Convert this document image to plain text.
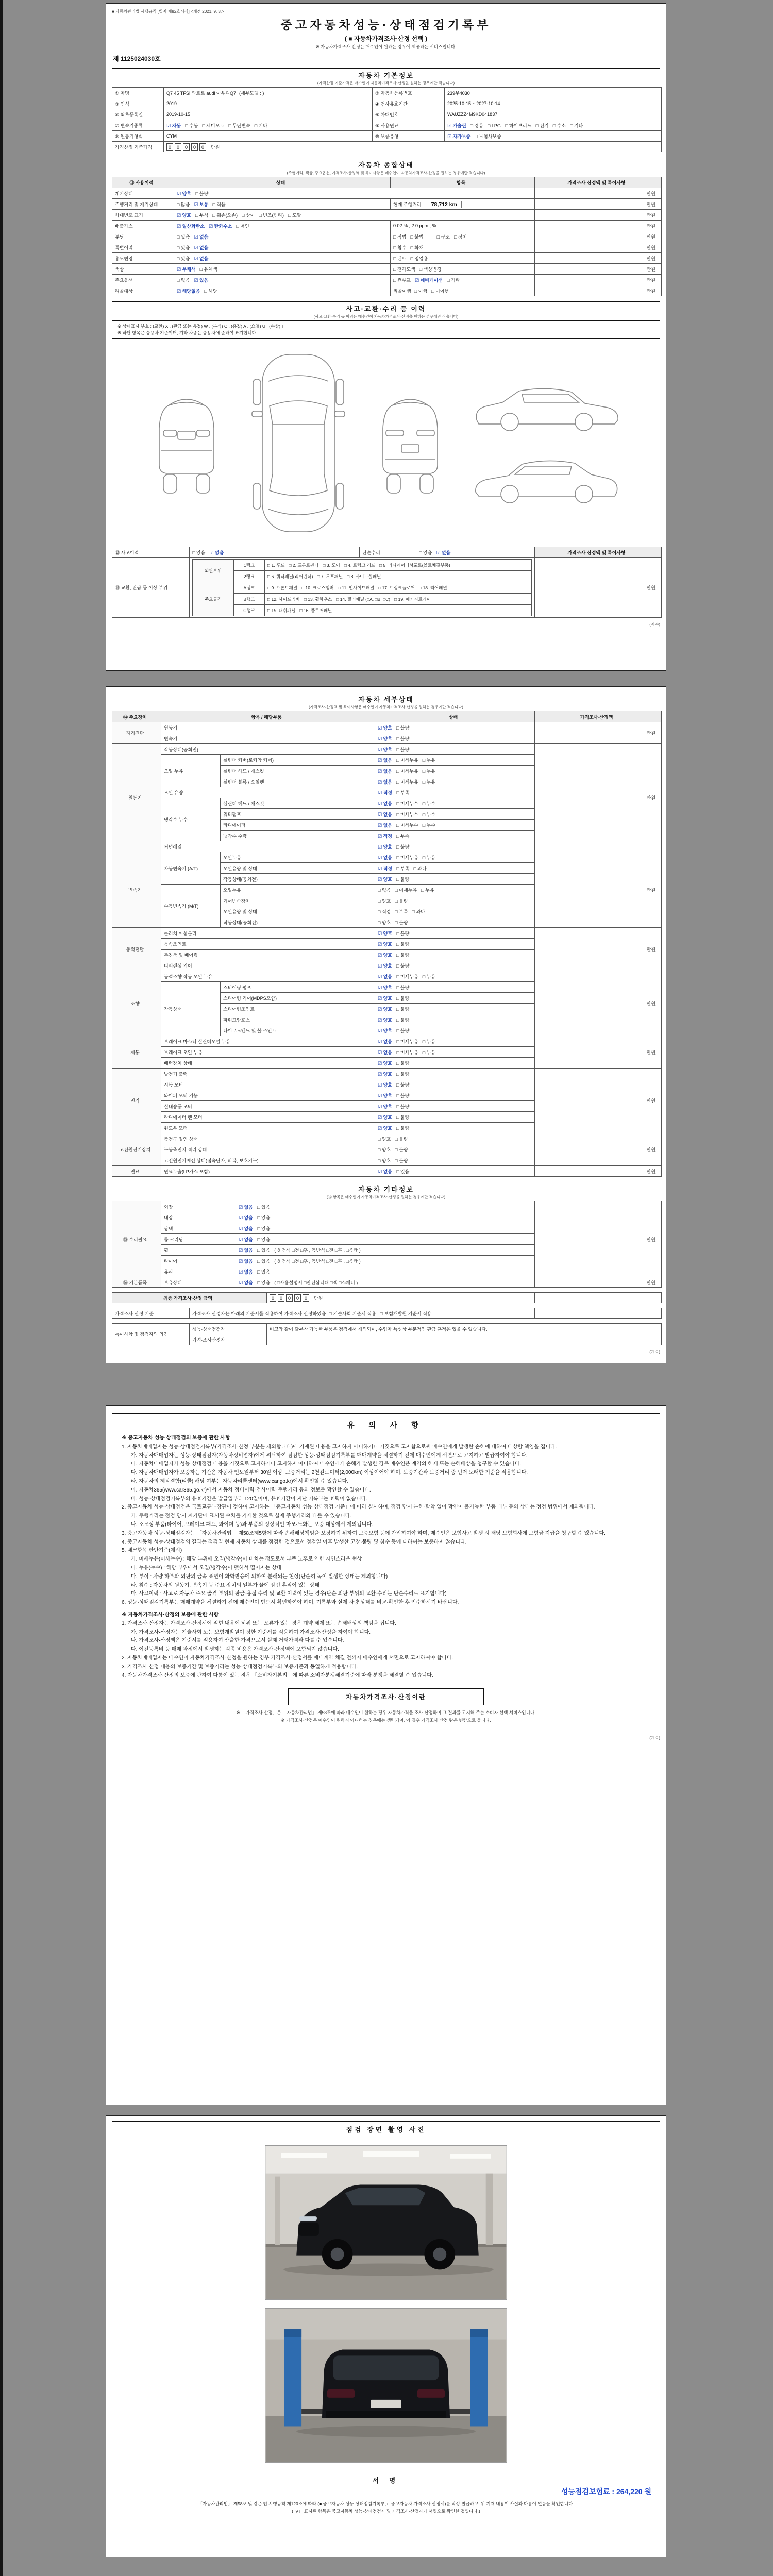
■ 자동차관리법 시행규칙 [별지 제82호서식] <개정 2021. 9. 3.>
중고자동차성능·상태점검기록부
( ■ 자동차가격조사·산정 선택 )
※ 자동차가격조사·산정은 매수인이 원하는 경우에 제공하는 서비스입니다.
제 1125024030호
자동차 기본정보
(가격산정 기준가격은 매수인이 자동차가격조사·산정을 원하는 경우에만 적습니다)
① 차명	Q7 45 TFSI 콰트로 audi 아우디Q7 (세부모델 : )	② 자동차등록번호	239무4030
③ 연식	2019	④ 검사유효기간	2025-10-15 ~ 2027-10-14
⑤ 최초등록일	2019-10-15	⑥ 차대번호	WAUZZZ4M9KD041837
⑦ 변속기종류	☑ 자동 □ 수동 □ 세미오토 □ 무단변속 □ 기타	⑧ 사용연료	☑ 가솔린 □ 경유 □ LPG □ 하이브리드 □ 전기 □ 수소 □ 기타
⑨ 원동기형식	CYM	⑩ 보증유형	☑ 자가보증 □ 보험사보증
가격산정 기준가격	0 0 0 0 0 만원		
자동차 종합상태
(주행거리, 색상, 주요옵션, 가격조사·산정액 및 특이사항은 매수인이 자동차가격조사·산정을 원하는 경우에만 적습니다)
⑪ 사용이력	상태	항목	가격조사·산정액 및 특이사항
계기상태	☑ 양호 □ 불량		만원
주행거리 및 계기상태	□ 많음 ☑ 보통 □ 적음	현재 주행거리 78,712 km	만원
차대번호 표기	☑ 양호 □ 부식 □ 훼손(오손) □ 상이 □ 변조(변타) □ 도말		만원
배출가스	☑ 일산화탄소 ☑ 탄화수소 □ 매연	0.02 % , 2.0 ppm , %	만원
튜닝	□ 있음 ☑ 없음	□ 적법 □ 불법 □ 구조 □ 장치	만원
특별이력	□ 있음 ☑ 없음	□ 침수 □ 화재	만원
용도변경	□ 있음 ☑ 없음	□ 렌트 □ 영업용	만원
색상	☑ 무채색 □ 유채색	□ 전체도색 □ 색상변경	만원
주요옵션	□ 없음 ☑ 있음	□ 썬루프 ☑ 네비게이션 □ 기타	만원
리콜대상	☑ 해당없음 □ 해당	리콜이행 □ 이행 □ 미이행	만원
사고·교환·수리 등 이력
(사고·교환·수리 등 이력은 매수인이 자동차가격조사·산정을 원하는 경우에만 적습니다)
※ 상태표시 부호 : (교환) X , (판금 또는 용접) W , (부식) C , (흠집) A , (요철) U , (손상) T
※ 하단 항목은 승용차 기준이며, 기타 차종은 승용차에 준하여 표기합니다.
⑫ 사고이력	□ 있음 ☑ 없음	단순수리	□ 있음 ☑ 없음	가격조사·산정액 및 특이사항
⑬ 교환, 판금 등 이상 부위	
외판부위	1랭크	□ 1. 후드 □ 2. 프론트펜더 □ 3. 도어 □ 4. 트렁크 리드 □ 5. 라디에이터서포트(볼트체결부품)
2랭크	□ 6. 쿼터패널(리어펜더) □ 7. 루프패널 □ 8. 사이드실패널
주요골격	A랭크	□ 9. 프론트패널 □ 10. 크로스멤버 □ 11. 인사이드패널 □ 17. 트렁크플로어 □ 18. 리어패널
B랭크	□ 12. 사이드멤버 □ 13. 휠하우스 □ 14. 필러패널 (□A, □B, □C) □ 19. 패키지트레이
C랭크	□ 15. 대쉬패널 □ 16. 플로어패널
	만원
(계속)
자동차 세부상태
(가격조사·산정액 및 특이사항은 매수인이 자동차가격조사·산정을 원하는 경우에만 적습니다)
⑭ 주요장치	항목 / 해당부품		상태	가격조사·산정액
자기진단	원동기		☑ 양호 □ 불량	만원
	변속기		☑ 양호 □ 불량	
원동기	작동상태(공회전)		☑ 양호 □ 불량	만원
	오일 누유	실린더 커버(로커암 커버)	☑ 없음 □ 미세누유 □ 누유	
		실린더 헤드 / 개스킷	☑ 없음 □ 미세누유 □ 누유	
		실린더 블록 / 오일팬	☑ 없음 □ 미세누유 □ 누유	
	오일 유량		☑ 적정 □ 부족	
	냉각수 누수	실린더 헤드 / 개스킷	☑ 없음 □ 미세누수 □ 누수	
		워터펌프	☑ 없음 □ 미세누수 □ 누수	
		라디에이터	☑ 없음 □ 미세누수 □ 누수	
		냉각수 수량	☑ 적정 □ 부족	
	커먼레일		☑ 양호 □ 불량	
변속기	자동변속기 (A/T)	오일누유	☑ 없음 □ 미세누유 □ 누유	만원
		오일유량 및 상태	☑ 적정 □ 부족 □ 과다	
		작동상태(공회전)	☑ 양호 □ 불량	
	수동변속기 (M/T)	오일누유	□ 없음 □ 미세누유 □ 누유	
		기어변속장치	□ 양호 □ 불량	
		오일유량 및 상태	□ 적정 □ 부족 □ 과다	
		작동상태(공회전)	□ 양호 □ 불량	
동력전달	클러치 어셈블리		☑ 양호 □ 불량	만원
	등속조인트		☑ 양호 □ 불량	
	추진축 및 베어링		☑ 양호 □ 불량	
	디퍼렌셜 기어		☑ 양호 □ 불량	
조향	동력조향 작동 오일 누유		☑ 없음 □ 미세누유 □ 누유	만원
	작동상태	스티어링 펌프	☑ 양호 □ 불량	
		스티어링 기어(MDPS포함)	☑ 양호 □ 불량	
		스티어링조인트	☑ 양호 □ 불량	
		파워고압호스	☑ 양호 □ 불량	
		타이로드엔드 및 볼 조인트	☑ 양호 □ 불량	
제동	브레이크 마스터 실린더오일 누유		☑ 없음 □ 미세누유 □ 누유	만원
	브레이크 오일 누유		☑ 없음 □ 미세누유 □ 누유	
	배력장치 상태		☑ 양호 □ 불량	
전기	발전기 출력		☑ 양호 □ 불량	만원
	시동 모터		☑ 양호 □ 불량	
	와이퍼 모터 기능		☑ 양호 □ 불량	
	실내송풍 모터		☑ 양호 □ 불량	
	라디에이터 팬 모터		☑ 양호 □ 불량	
	윈도우 모터		☑ 양호 □ 불량	
고전원전기장치	충전구 절연 상태		□ 양호 □ 불량	만원
	구동축전지 격리 상태		□ 양호 □ 불량	
	고전원전기배선 상태(접속단자, 피복, 보호기구)		□ 양호 □ 불량	
연료	연료누출(LP가스 포함)		☑ 없음 □ 있음	만원
자동차 기타정보
(⑮ 항목은 매수인이 자동차가격조사·산정을 원하는 경우에만 적습니다)
⑮ 수리필요	외장	☑ 없음 □ 있음	만원
	내장	☑ 없음 □ 있음	
	광택	☑ 없음 □ 있음	
	룸 크리닝	☑ 없음 □ 있음	
	휠	☑ 없음 □ 있음 ( 운전석 □전 □후 , 동반석 □전 □후 , □응급 )	
	타이어	☑ 없음 □ 있음 ( 운전석 □전 □후 , 동반석 □전 □후 , □응급 )	
	유리	☑ 없음 □ 있음	
⑯ 기본품목	보유상태	☑ 없음 □ 있음 ( □사용설명서 □안전삼각대 □잭 □스패너 )	만원
최종 가격조사·산정 금액	0 0 0 0 0 만원	
가격조사·산정 기준	가격조사·산정자는 아래의 기준서를 적용하여 가격조사·산정하였음 □ 기술사회 기준서 적용 □ 보험개발원 기준서 적용	
특이사항 및 점검자의 의견	성능·상태점검자	비고와 같이 탈부착 가능한 부품은 점검에서 제외되며, 수입차 특성상 부분적인 판금 흔적은 있을 수 있습니다.
	가격·조사산정자	
(계속)
유 의 사 항
※ 중고자동차 성능·상태점검의 보증에 관한 사항
1. 자동차매매업자는 성능·상태점검기록부(가격조사·산정 부분은 제외합니다)에 기재된 내용을 고지하지 아니하거나 거짓으로 고지함으로써 매수인에게 발생한 손해에 대하여 배상할 책임을 집니다.
가. 자동차매매업자는 성능·상태점검자(자동차정비업자)에게 위탁하여 점검한 성능·상태점검기록부를 매매계약을 체결하기 전에 매수인에게 서면으로 고지하고 발급하여야 합니다.
나. 자동차매매업자가 성능·상태점검 내용을 거짓으로 고지하거나 고지하지 아니하여 매수인에게 손해가 발생한 경우 매수인은 계약의 해제 또는 손해배상을 청구할 수 있습니다.
다. 자동차매매업자가 보증하는 기간은 자동차 인도일부터 30일 이상, 보증거리는 2천킬로미터(2,000km) 이상이어야 하며, 보증기간과 보증거리 중 먼저 도래한 기준을 적용합니다.
라. 자동차의 제작결함(리콜) 해당 여부는 자동차리콜센터(www.car.go.kr)에서 확인할 수 있습니다.
마. 자동차365(www.car365.go.kr)에서 자동차 정비이력·검사이력·주행거리 등의 정보를 확인할 수 있습니다.
바. 성능·상태점검기록부의 유효기간은 발급일부터 120일이며, 유효기간이 지난 기록부는 효력이 없습니다.
2. 중고자동차 성능·상태점검은 국토교통부장관이 정하여 고시하는 「중고자동차 성능·상태점검 기준」에 따라 실시하며, 점검 당시 분해·탈착 없이 확인이 불가능한 부품 내부 등의 상태는 점검 범위에서 제외됩니다.
가. 주행거리는 점검 당시 계기판에 표시된 수치를 기재한 것으로 실제 주행거리와 다를 수 있습니다.
나. 소모성 부품(타이어, 브레이크 패드, 와이퍼 등)과 부품의 정상적인 마모·노화는 보증 대상에서 제외됩니다.
3. 중고자동차 성능·상태점검자는 「자동차관리법」 제58조제5항에 따라 손해배상책임을 보장하기 위하여 보증보험 등에 가입하여야 하며, 매수인은 보험사고 발생 시 해당 보험회사에 보험금 지급을 청구할 수 있습니다.
4. 중고자동차 성능·상태점검의 결과는 점검일 현재 자동차 상태를 점검한 것으로서 점검일 이후 발생한 고장·불량 및 침수 등에 대하여는 보증하지 않습니다.
5. 체크항목 판단기준(예시)
가. 미세누유(미세누수) : 해당 부위에 오일(냉각수)이 비치는 정도로서 부품 노후로 인한 자연스러운 현상
나. 누유(누수) : 해당 부위에서 오일(냉각수)이 맺혀서 떨어지는 상태
다. 부식 : 차량 하부와 외판의 금속 표면이 화학반응에 의하여 분해되는 현상(단순히 녹이 발생한 상태는 제외합니다)
라. 침수 : 자동차의 원동기, 변속기 등 주요 장치의 일부가 물에 잠긴 흔적이 있는 상태
마. 사고이력 : 사고로 자동차 주요 골격 부위의 판금·용접 수리 및 교환 이력이 있는 경우(단순 외판 부위의 교환·수리는 단순수리로 표기합니다)
6. 성능·상태점검기록부는 매매계약을 체결하기 전에 매수인이 반드시 확인하여야 하며, 기록부와 실제 차량 상태를 비교·확인한 후 인수하시기 바랍니다.
※ 자동차가격조사·산정의 보증에 관한 사항
1. 가격조사·산정자는 가격조사·산정서에 적힌 내용에 허위 또는 오류가 있는 경우 계약 해제 또는 손해배상의 책임을 집니다.
가. 가격조사·산정자는 기술사회 또는 보험개발원이 정한 기준서를 적용하여 가격조사·산정을 하여야 합니다.
나. 가격조사·산정액은 기준서를 적용하여 산출한 가격으로서 실제 거래가격과 다를 수 있습니다.
다. 이전등록비 등 매매 과정에서 발생하는 각종 비용은 가격조사·산정액에 포함되지 않습니다.
2. 자동차매매업자는 매수인이 자동차가격조사·산정을 원하는 경우 가격조사·산정서를 매매계약 체결 전까지 매수인에게 서면으로 고지하여야 합니다.
3. 가격조사·산정 내용의 보증기간 및 보증거리는 성능·상태점검기록부의 보증기준과 동일하게 적용합니다.
4. 자동차가격조사·산정의 보증에 관하여 다툼이 있는 경우 「소비자기본법」에 따른 소비자분쟁해결기준에 따라 분쟁을 해결할 수 있습니다.
자동차가격조사·산정이란
※ 「가격조사·산정」은 「자동차관리법」 제58조에 따라 매수인이 원하는 경우 자동차가격을 조사·산정하여 그 결과를 고지해 주는 소비자 선택 서비스입니다.
※ 가격조사·산정은 매수인이 원하지 아니하는 경우에는 생략되며, 이 경우 가격조사·산정 란은 빈칸으로 둡니다.
(계속)
점검 장면 촬영 사진
서 명
성능점검보험료 : 264,220 원
「자동차관리법」 제58조 및 같은 법 시행규칙 제120조에 따라 (■ 중고자동차 성능·상태점검기록부, □ 중고자동차 가격조사·산정서)를 작성·발급하고, 위 기재 내용이 사실과 다름이 없음을 확인합니다.
(「V」 표시된 항목은 중고자동차 성능·상태점검자 및 가격조사·산정자가 서명으로 확인한 것입니다.)
